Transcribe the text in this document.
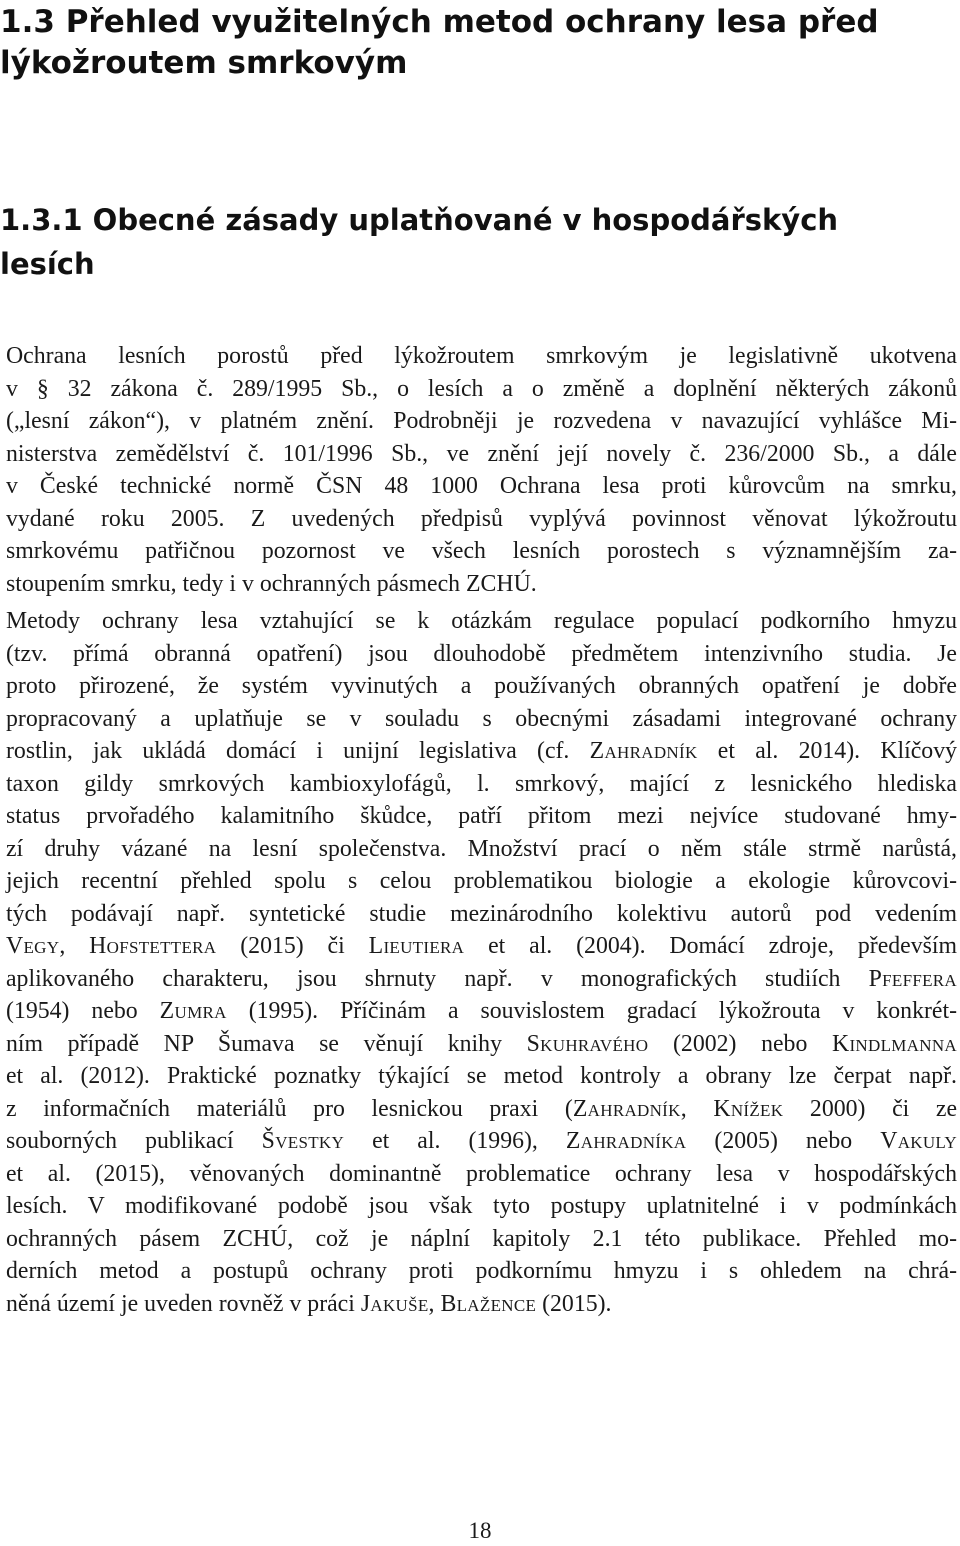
1.3 Přehled využitelných metod ochrany lesa před
lýkožroutem smrkovým
1.3.1 Obecné zásady uplatňované v hospodářských
lesích

Ochrana lesních porostů před lýkožroutem smrkovým je legislativně ukotvena
v § 32 zákona č. 289/1995 Sb., o lesích a o změně a doplnění některých zákonů
(„lesní zákon“), v platném znění. Podrobněji je rozvedena v navazující vyhlášce Mi-
nisterstva zemědělství č. 101/1996 Sb., ve znění její novely č. 236/2000 Sb., a dále
v České technické normě ČSN 48 1000 Ochrana lesa proti kůrovcům na smrku,
vydané roku 2005. Z uvedených předpisů vyplývá povinnost věnovat lýkožroutu
smrkovému patřičnou pozornost ve všech lesních porostech s významnějším za-
stoupením smrku, tedy i v ochranných pásmech ZCHÚ.

Metody ochrany lesa vztahující se k otázkám regulace populací podkorního hmyzu
(tzv. přímá obranná opatření) jsou dlouhodobě předmětem intenzivního studia. Je
proto přirozené, že systém vyvinutých a používaných obranných opatření je dobře
propracovaný a uplatňuje se v souladu s obecnými zásadami integrované ochrany
rostlin, jak ukládá domácí i unijní legislativa (cf. Zahradník et al. 2014). Klíčový
taxon gildy smrkových kambioxylofágů, l. smrkový, mající z lesnického hlediska
status prvořadého kalamitního škůdce, patří přitom mezi nejvíce studované hmy-
zí druhy vázané na lesní společenstva. Množství prací o něm stále strmě narůstá,
jejich recentní přehled spolu s celou problematikou biologie a ekologie kůrovcovi-
tých podávají např. syntetické studie mezinárodního kolektivu autorů pod vedením
Vegy, Hofstettera (2015) či Lieutiera et al. (2004). Domácí zdroje, především
aplikovaného charakteru, jsou shrnuty např. v monografických studiích Pfeffera
(1954) nebo Zumra (1995). Příčinám a souvislostem gradací lýkožrouta v konkrét-
ním případě NP Šumava se věnují knihy Skuhravého (2002) nebo Kindlmanna
et al. (2012). Praktické poznatky týkající se metod kontroly a obrany lze čerpat např.
z informačních materiálů pro lesnickou praxi (Zahradník, Knížek 2000) či ze
souborných publikací Švestky et al. (1996), Zahradníka (2005) nebo Vakuly
et al. (2015), věnovaných dominantně problematice ochrany lesa v hospodářských
lesích. V modifikované podobě jsou však tyto postupy uplatnitelné i v podmínkách
ochranných pásem ZCHÚ, což je náplní kapitoly 2.1 této publikace. Přehled mo-
derních metod a postupů ochrany proti podkornímu hmyzu i s ohledem na chrá-
něná území je uveden rovněž v práci Jakuše, Blažence (2015).

18
